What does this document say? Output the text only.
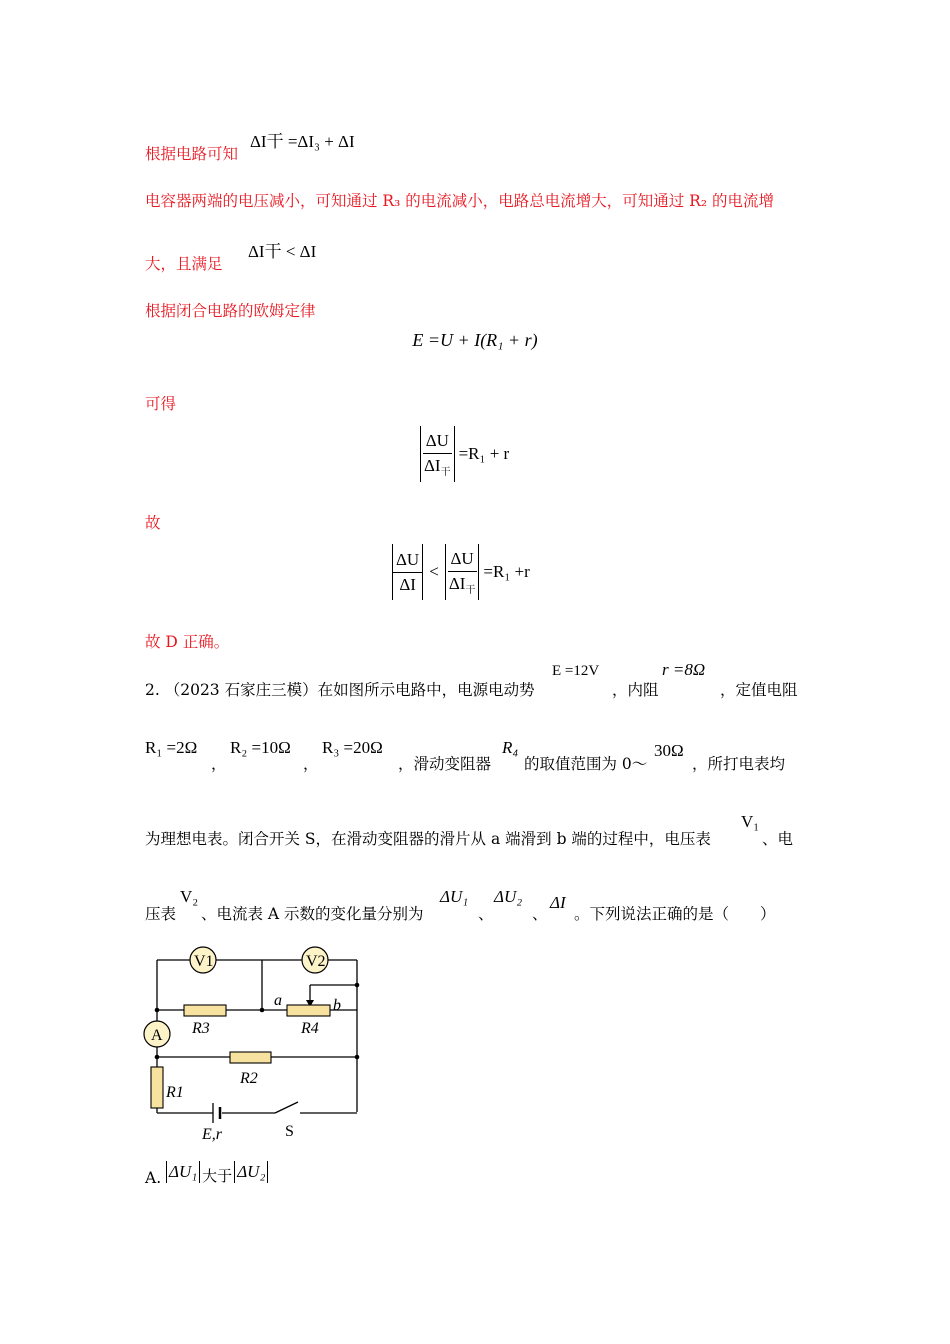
根据电路可知
ΔI干 =ΔI₃ + ΔI
电容器两端的电压减小，可知通过 R₃ 的电流减小，电路总电流增大，可知通过 R₂ 的电流增
大，且满足
ΔI干 < ΔI
根据闭合电路的欧姆定律
E =U + I(R₁ + r)
可得
$\frac{\Delta U}{\Delta I_干} =R_1 + r$
故
$\frac{\Delta U}{\Delta I} < \frac{\Delta U}{\Delta I_干} =R_1 +r$
故 D 正确。
2. （2023 石家庄三模）在如图所示电路中，电源电动势
E =12V
，内阻
r =8Ω
，定值电阻
R₁ =2Ω
，
R₂ =10Ω
，
R₃ =20Ω
，滑动变阻器
R₄
的取值范围为 0～
30Ω
，所打电表均
为理想电表。闭合开关 S，在滑动变阻器的滑片从 a 端滑到 b 端的过程中，电压表
V₁
、电
压表
V₂
、电流表 A 示数的变化量分别为
ΔU₁
、
ΔU₂
、
ΔI
。下列说法正确的是（　　）
V1	V2
A R3	R4
R2
R1
a	b
E,r	S
A. ΔU₁ 大于 ΔU₂
